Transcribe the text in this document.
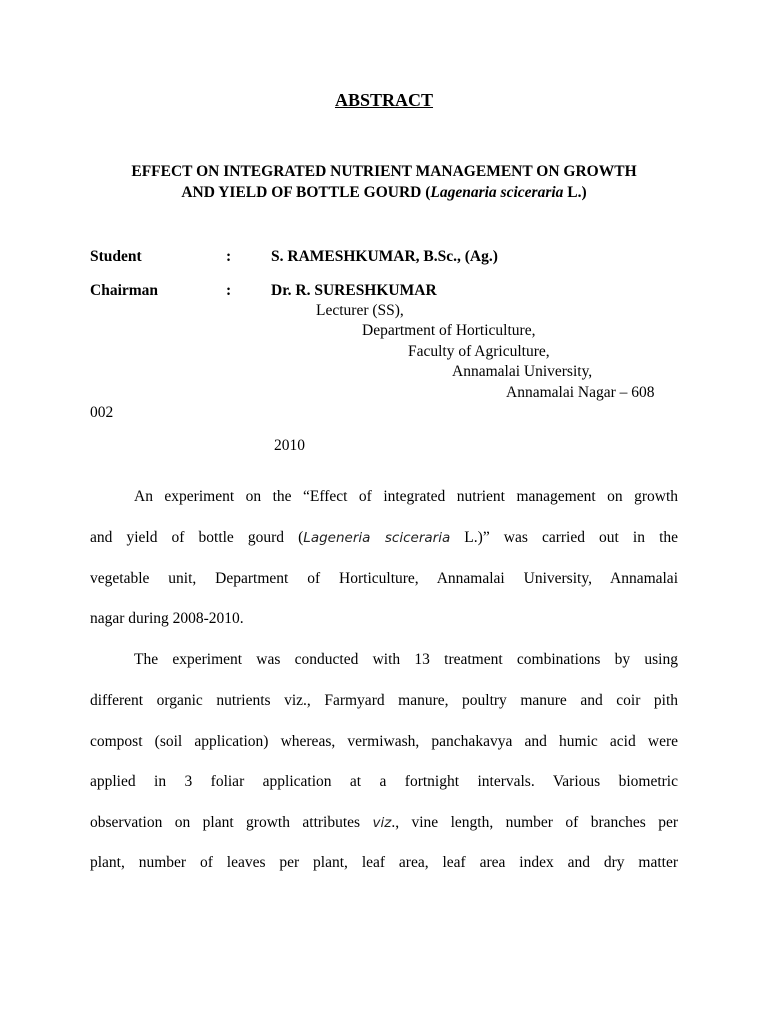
ABSTRACT
EFFECT ON INTEGRATED NUTRIENT MANAGEMENT ON GROWTH
AND YIELD OF BOTTLE GOURD (Lagenaria sciceraria L.)
Student	:	S. RAMESHKUMAR, B.Sc., (Ag.)
Chairman	:	Dr. R. SURESHKUMAR
Lecturer (SS),
Department of Horticulture,
Faculty of Agriculture,
Annamalai University,
Annamalai Nagar – 608
002
2010
An experiment on the “Effect of integrated nutrient management on growth
and yield of bottle gourd (Lageneria sciceraria L.)” was carried out in the
vegetable unit, Department of Horticulture, Annamalai University, Annamalai
nagar during 2008-2010.
The experiment was conducted with 13 treatment combinations by using
different organic nutrients viz., Farmyard manure, poultry manure and coir pith
compost (soil application) whereas, vermiwash, panchakavya and humic acid were
applied in 3 foliar application at a fortnight intervals. Various biometric
observation on plant growth attributes viz., vine length, number of branches per
plant, number of leaves per plant, leaf area, leaf area index and dry matter
